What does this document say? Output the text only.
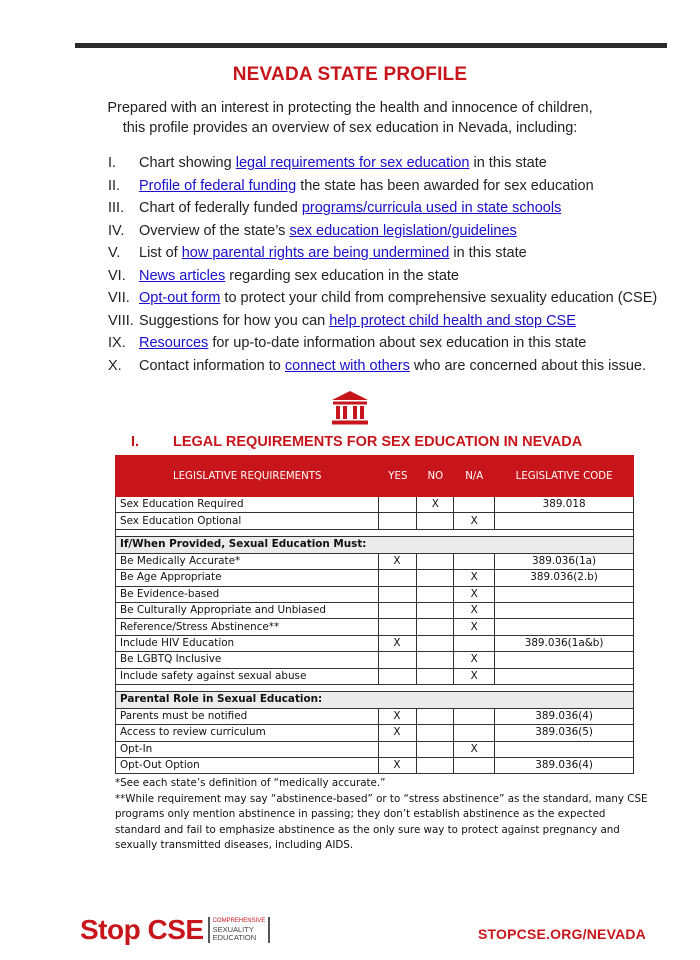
NEVADA STATE PROFILE
Prepared with an interest in protecting the health and innocence of children,
this profile provides an overview of sex education in Nevada, including:
I.	Chart showing legal requirements for sex education in this state
II.	Profile of federal funding the state has been awarded for sex education
III.	Chart of federally funded programs/curricula used in state schools
IV.	Overview of the state’s sex education legislation/guidelines
V.	List of how parental rights are being undermined in this state
VI. News articles regarding sex education in the state
VII. Opt-out form to protect your child from comprehensive sexuality education (CSE)
VIII. Suggestions for how you can help protect child health and stop CSE
IX. Resources for up-to-date information about sex education in this state
X.	Contact information to connect with others who are concerned about this issue.
I. LEGAL REQUIREMENTS FOR SEX EDUCATION IN NEVADA
LEGISLATIVE REQUIREMENTS	YES	NO	N/A	LEGISLATIVE CODE
Sex Education Required		X		389.018
Sex Education Optional			X	

If/When Provided, Sexual Education Must:				
Be Medically Accurate*	X			389.036(1a)
Be Age Appropriate			X	389.036(2.b)
Be Evidence-based			X	
Be Culturally Appropriate and Unbiased			X	
Reference/Stress Abstinence**			X	
Include HIV Education	X			389.036(1a&b)
Be LGBTQ Inclusive			X	
Include safety against sexual abuse			X	

Parental Role in Sexual Education:				
Parents must be notified	X			389.036(4)
Access to review curriculum	X			389.036(5)
Opt-In			X	
Opt-Out Option	X			389.036(4)
*See each state’s definition of “medically accurate.”
**While requirement may say “abstinence-based” or to “stress abstinence” as the standard, many CSE programs only mention abstinence in passing; they don’t establish abstinence as the expected standard and fail to emphasize abstinence as the only sure way to protect against pregnancy and sexually transmitted diseases, including AIDS.
Stop CSE COMPREHENSIVE
SEXUALITY
EDUCATION	STOPCSE.ORG/NEVADA
